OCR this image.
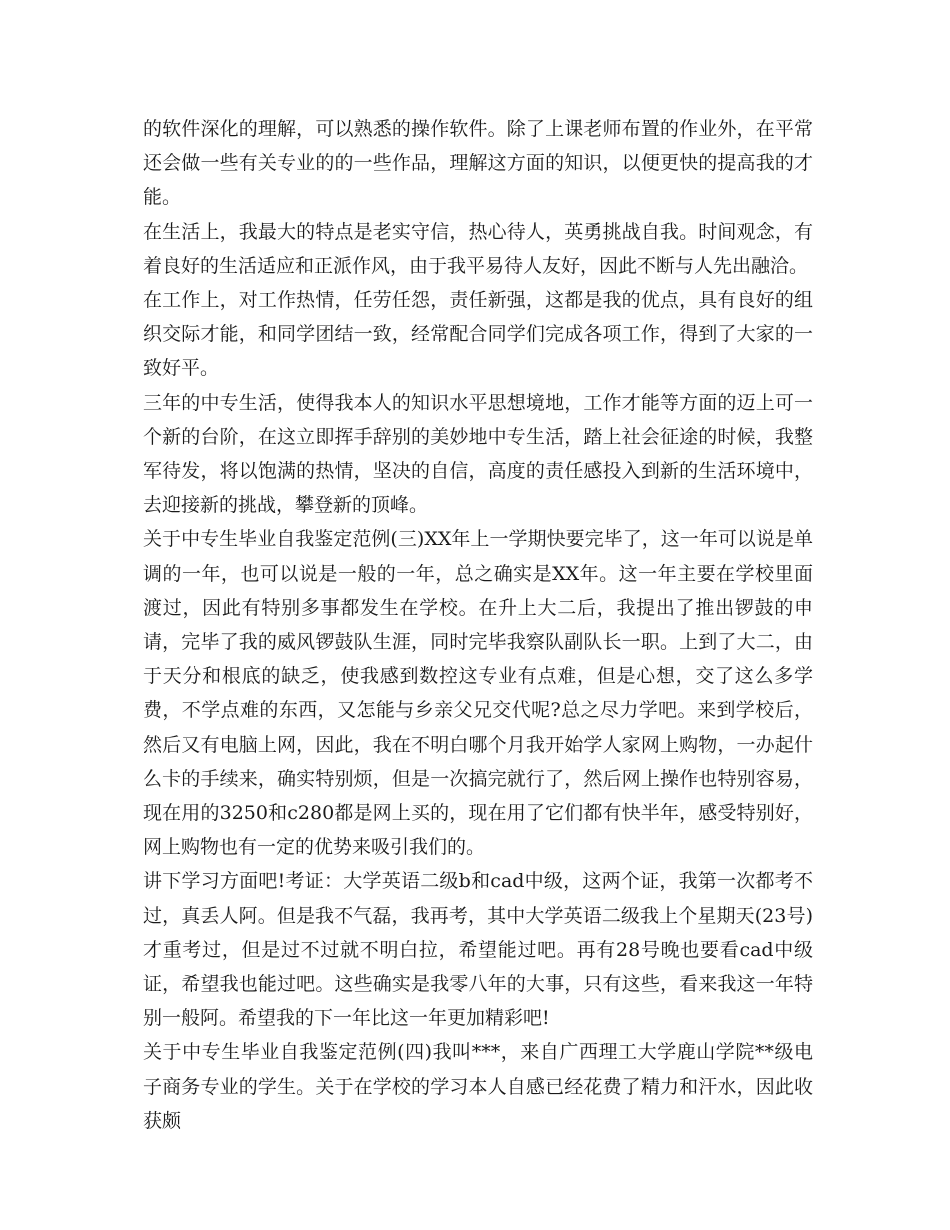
的软件深化的理解，可以熟悉的操作软件。除了上课老师布置的作业外，在平常还会做一些有关专业的的一些作品，理解这方面的知识，以便更快的提高我的才能。

在生活上，我最大的特点是老实守信，热心待人，英勇挑战自我。时间观念，有着良好的生活适应和正派作风，由于我平易待人友好，因此不断与人先出融洽。

在工作上，对工作热情，任劳任怨，责任新强，这都是我的优点，具有良好的组织交际才能，和同学团结一致，经常配合同学们完成各项工作，得到了大家的一致好平。

三年的中专生活，使得我本人的知识水平思想境地，工作才能等方面的迈上可一个新的台阶，在这立即挥手辞别的美妙地中专生活，踏上社会征途的时候，我整军待发，将以饱满的热情，坚决的自信，高度的责任感投入到新的生活环境中，去迎接新的挑战，攀登新的顶峰。

关于中专生毕业自我鉴定范例(三)XX年上一学期快要完毕了，这一年可以说是单调的一年，也可以说是一般的一年，总之确实是XX年。这一年主要在学校里面渡过，因此有特别多事都发生在学校。在升上大二后，我提出了推出锣鼓的申请，完毕了我的威风锣鼓队生涯，同时完毕我察队副队长一职。上到了大二，由于天分和根底的缺乏，使我感到数控这专业有点难，但是心想，交了这么多学费，不学点难的东西，又怎能与乡亲父兄交代呢?总之尽力学吧。来到学校后，然后又有电脑上网，因此，我在不明白哪个月我开始学人家网上购物，一办起什么卡的手续来，确实特别烦，但是一次搞完就行了，然后网上操作也特别容易，现在用的3250和c280都是网上买的，现在用了它们都有快半年，感受特别好，网上购物也有一定的优势来吸引我们的。

讲下学习方面吧!考证：大学英语二级b和cad中级，这两个证，我第一次都考不过，真丢人阿。但是我不气磊，我再考，其中大学英语二级我上个星期天(23号)才重考过，但是过不过就不明白拉，希望能过吧。再有28号晚也要看cad中级证，希望我也能过吧。这些确实是我零八年的大事，只有这些，看来我这一年特别一般阿。希望我的下一年比这一年更加精彩吧!

关于中专生毕业自我鉴定范例(四)我叫***，来自广西理工大学鹿山学院**级电子商务专业的学生。关于在学校的学习本人自感已经花费了精力和汗水，因此收获颇
